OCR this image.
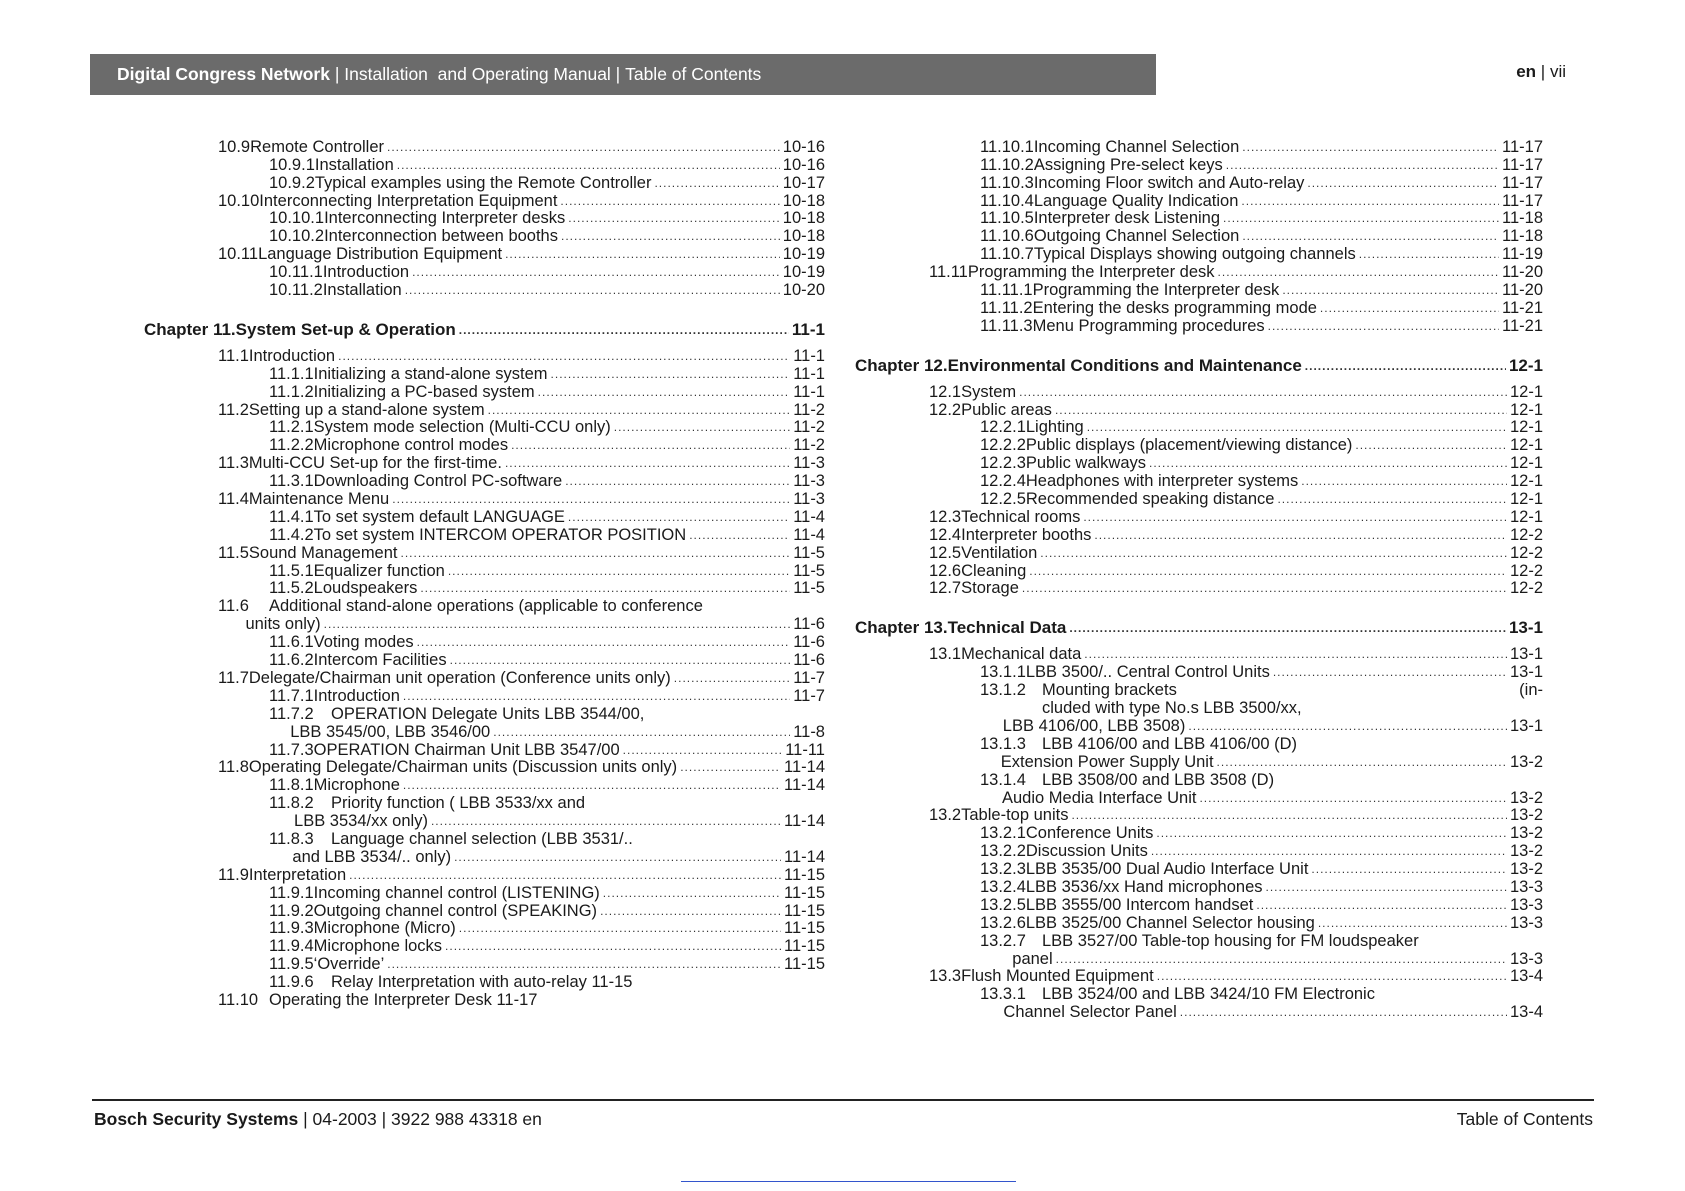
Digital Congress Network | Installation  and Operating Manual | Table of Contents	en | vii
10.9 Remote Controller .....	10-16
10.9.1 Installation .....	10-16
10.9.2 Typical examples using the Remote Controller .....	10-17
10.10 Interconnecting Interpretation Equipment .....	10-18
10.10.1 Interconnecting Interpreter desks .....	10-18
10.10.2 Interconnection between booths .....	10-18
10.11 Language Distribution Equipment .....	10-19
10.11.1 Introduction .....	10-19
10.11.2 Installation .....	10-20
Chapter 11. System Set-up & Operation .....	11-1
11.1 Introduction .....	11-1
11.1.1 Initializing a stand-alone system .....	11-1
11.1.2 Initializing a PC-based system .....	11-1
11.2 Setting up a stand-alone system .....	11-2
11.2.1 System mode selection (Multi-CCU only) .....	11-2
11.2.2 Microphone control modes .....	11-2
11.3 Multi-CCU Set-up for the first-time. .....	11-3
11.3.1 Downloading Control PC-software .....	11-3
11.4 Maintenance Menu .....	11-3
11.4.1 To set system default LANGUAGE .....	11-4
11.4.2 To set system INTERCOM OPERATOR POSITION .....	11-4
11.5 Sound Management .....	11-5
11.5.1 Equalizer function .....	11-5
11.5.2 Loudspeakers .....	11-5
11.6	Additional stand-alone operations (applicable to conference
units only) .....	11-6
11.6.1 Voting modes .....	11-6
11.6.2 Intercom Facilities .....	11-6
11.7 Delegate/Chairman unit operation (Conference units only) .....	11-7
11.7.1 Introduction .....	11-7
11.7.2	OPERATION Delegate Units LBB 3544/00,
LBB 3545/00, LBB 3546/00 .....	11-8
11.7.3 OPERATION Chairman Unit LBB 3547/00 .....	11-11
11.8 Operating Delegate/Chairman units (Discussion units only) .....	11-14
11.8.1 Microphone .....	11-14
11.8.2	Priority function ( LBB 3533/xx and
LBB 3534/xx only) .....	11-14
11.8.3	Language channel selection (LBB 3531/..
and LBB 3534/.. only) .....	11-14
11.9 Interpretation .....	11-15
11.9.1 Incoming channel control (LISTENING) .....	11-15
11.9.2 Outgoing channel control (SPEAKING) .....	11-15
11.9.3 Microphone (Micro) .....	11-15
11.9.4 Microphone locks .....	11-15
11.9.5 ‘Override’ .....	11-15
11.9.6	Relay Interpretation with auto-relay 11-15
11.10 Operating the Interpreter Desk 11-17
11.10.1 Incoming Channel Selection .....	11-17
11.10.2 Assigning Pre-select keys .....	11-17
11.10.3 Incoming Floor switch and Auto-relay .....	11-17
11.10.4 Language Quality Indication .....	11-17
11.10.5 Interpreter desk Listening .....	11-18
11.10.6 Outgoing Channel Selection .....	11-18
11.10.7 Typical Displays showing outgoing channels .....	11-19
11.11 Programming the Interpreter desk .....	11-20
11.11.1 Programming the Interpreter desk .....	11-20
11.11.2 Entering the desks programming mode .....	11-21
11.11.3 Menu Programming procedures .....	11-21
Chapter 12. Environmental Conditions and Maintenance .....	12-1
12.1 System .....	12-1
12.2 Public areas .....	12-1
12.2.1 Lighting .....	12-1
12.2.2 Public displays (placement/viewing distance) .....	12-1
12.2.3 Public walkways .....	12-1
12.2.4 Headphones with interpreter systems .....	12-1
12.2.5 Recommended speaking distance .....	12-1
12.3 Technical rooms .....	12-1
12.4 Interpreter booths .....	12-2
12.5 Ventilation .....	12-2
12.6 Cleaning .....	12-2
12.7 Storage .....	12-2
Chapter 13. Technical Data .....	13-1
13.1 Mechanical data .....	13-1
13.1.1 LBB 3500/.. Central Control Units .....	13-1
13.1.2 Mounting brackets	(in-
cluded with type No.s LBB 3500/xx,
LBB 4106/00, LBB 3508) .....	13-1
13.1.3 LBB 4106/00 and LBB 4106/00 (D)
Extension Power Supply Unit .....	13-2
13.1.4 LBB 3508/00 and LBB 3508 (D)
Audio Media Interface Unit .....	13-2
13.2 Table-top units .....	13-2
13.2.1 Conference Units .....	13-2
13.2.2 Discussion Units .....	13-2
13.2.3 LBB 3535/00 Dual Audio Interface Unit .....	13-2
13.2.4 LBB 3536/xx Hand microphones .....	13-3
13.2.5 LBB 3555/00 Intercom handset .....	13-3
13.2.6 LBB 3525/00 Channel Selector housing .....	13-3
13.2.7 LBB 3527/00 Table-top housing for FM loudspeaker
panel .....	13-3
13.3 Flush Mounted Equipment .....	13-4
13.3.1 LBB 3524/00 and LBB 3424/10 FM Electronic
Channel Selector Panel .....	13-4
Bosch Security Systems | 04-2003 | 3922 988 43318 en	Table of Contents
